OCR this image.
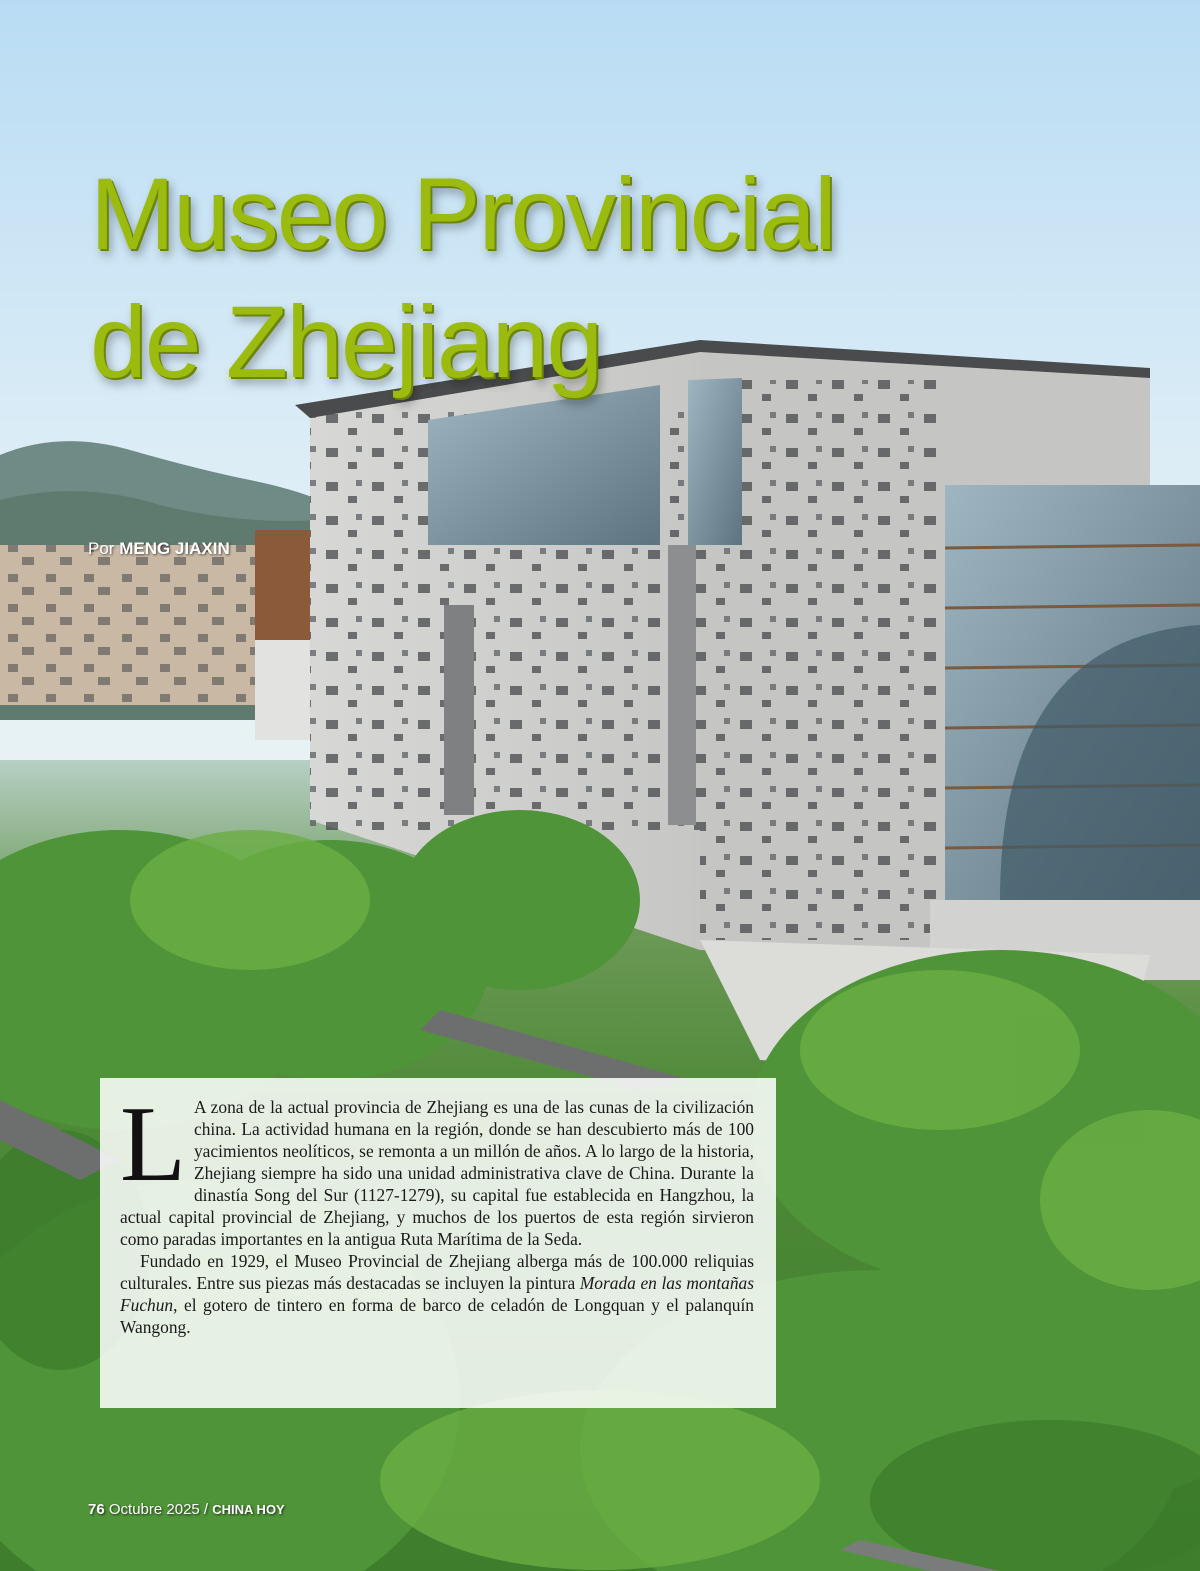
Museo Provincial
de Zhejiang
Por MENG JIAXIN

L A zona de la actual provincia de Zhejiang es una de las cunas de la civilización china. La actividad humana en la región, donde se han descubierto más de 100 yacimientos neolíticos, se remonta a un millón de años. A lo largo de la historia, Zhejiang siempre ha sido una unidad administrativa clave de China. Durante la dinastía Song del Sur (1127-1279), su capital fue establecida en Hangzhou, la actual capital provincial de Zhejiang, y muchos de los puertos de esta región sirvieron como paradas importantes en la antigua Ruta Marítima de la Seda.

Fundado en 1929, el Museo Provincial de Zhejiang alberga más de 100.000 reliquias culturales. Entre sus piezas más destacadas se incluyen la pintura Morada en las montañas Fuchun, el gotero de tintero en forma de barco de celadón de Longquan y el palanquín Wangong.

76 Octubre 2025 / CHINA HOY
